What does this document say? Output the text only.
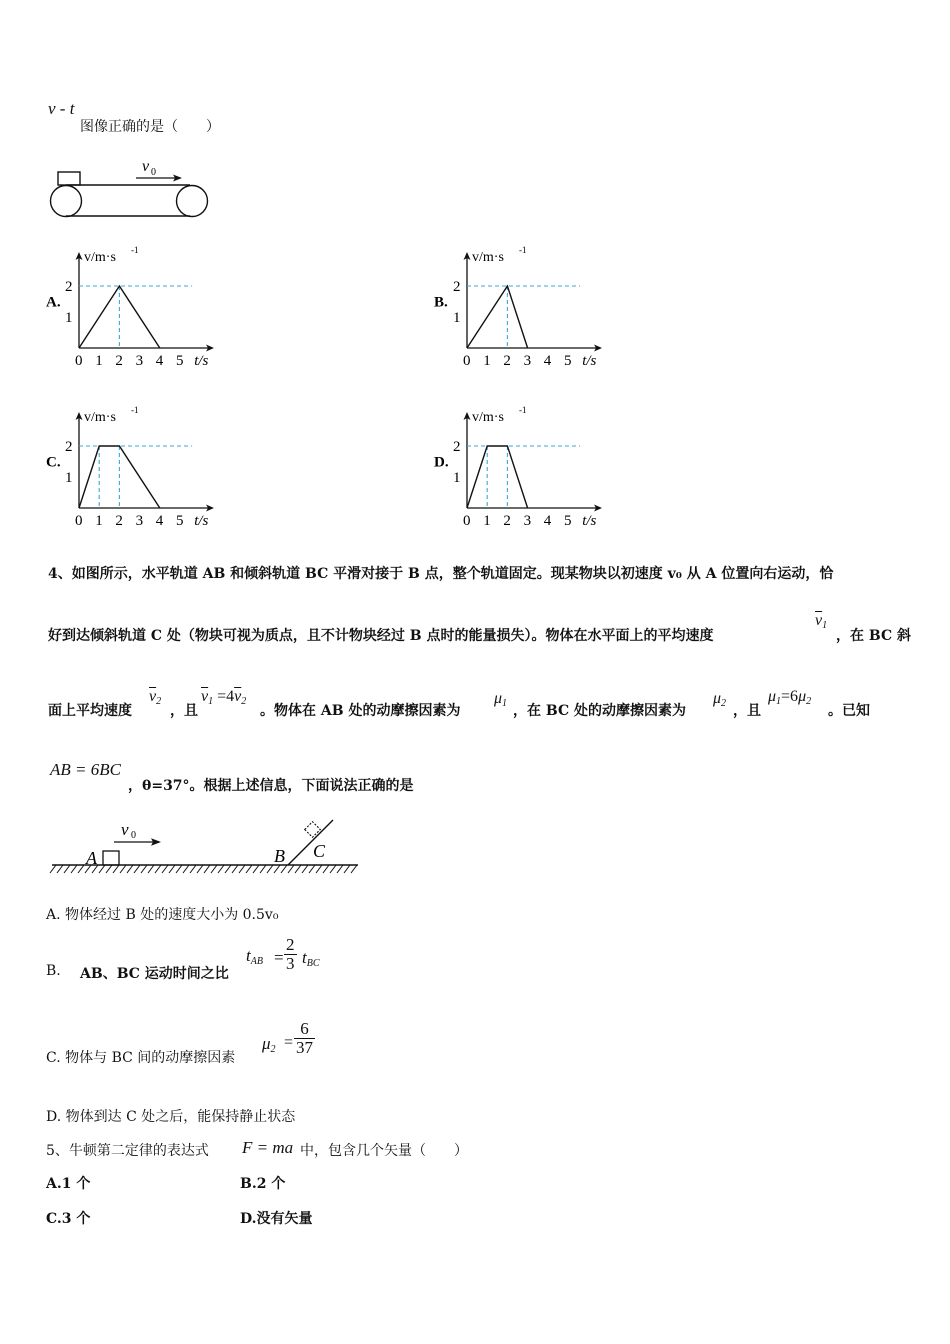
v - t
图像正确的是（　　）
v 0
0 1 2 3 4 5
1
2
t/s
v/m·s -1
A.
0 1 2 3 4 5
1
2
t/s
v/m·s -1
B.
0 1 2 3 4 5
1
2
t/s
v/m·s -1
C.
0 1 2 3 4 5
1
2
t/s
v/m·s -1
D.
4、如图所示，水平轨道 AB 和倾斜轨道 BC 平滑对接于 B 点，整个轨道固定。现某物块以初速度 v₀ 从 A 位置向右运动，恰
好到达倾斜轨道 C 处（物块可视为质点，且不计物块经过 B 点时的能量损失）。物体在水平面上的平均速度
$\overline{v}_1$
，在 BC 斜
面上平均速度
$\overline{v}_2$
，且
$\overline{v}_1 =4\overline{v}_2$
。物体在 AB 处的动摩擦因素为
$\mu_1$ ，在 BC 处的动摩擦因素为
$\mu_2$ ，且
$\mu_1=6\mu_2$
。已知
AB = 6BC
，θ=37°。根据上述信息，下面说法正确的是
v 0
A	B C
A. 物体经过 B 处的速度大小为 0.5v₀
B. AB、BC 运动时间之比
$t_{AB} = \frac{2}{3} t_{BC}$
C. 物体与 BC 间的动摩擦因素
$\mu_2 = \frac{6}{37}$
D. 物体到达 C 处之后，能保持静止状态
5、牛顿第二定律的表达式 F = ma 中，包含几个矢量（　　）
A.1 个	B.2 个
C.3 个	D.没有矢量
